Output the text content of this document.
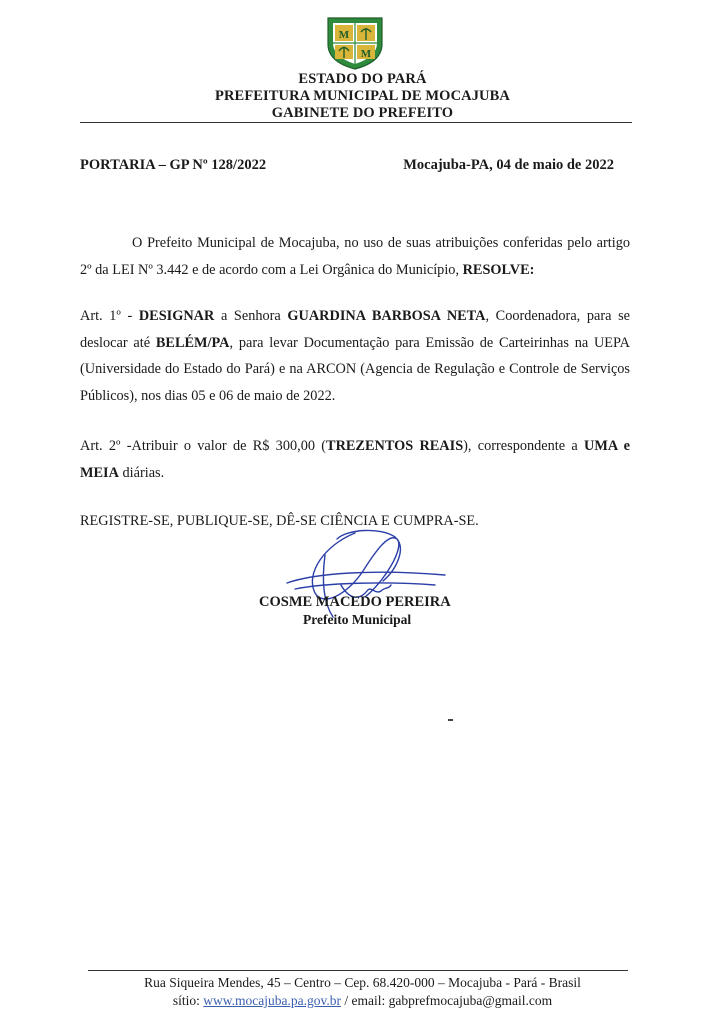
M
M
ESTADO DO PARÁ
PREFEITURA MUNICIPAL DE MOCAJUBA
GABINETE DO PREFEITO
PORTARIA – GP Nº 128/2022	Mocajuba-PA, 04 de maio de 2022
O Prefeito Municipal de Mocajuba, no uso de suas atribuições conferidas pelo artigo 2º da LEI Nº 3.442 e de acordo com a Lei Orgânica do Município, RESOLVE:
Art. 1º - DESIGNAR a Senhora GUARDINA BARBOSA NETA, Coordenadora, para se deslocar até BELÉM/PA, para levar Documentação para Emissão de Carteirinhas na UEPA (Universidade do Estado do Pará) e na ARCON (Agencia de Regulação e Controle de Serviços Públicos), nos dias 05 e 06 de maio de 2022.
Art. 2º -Atribuir o valor de R$ 300,00 (TREZENTOS REAIS), correspondente a UMA e MEIA diárias.
REGISTRE-SE, PUBLIQUE-SE, DÊ-SE CIÊNCIA E CUMPRA-SE.
COSME MACEDO PEREIRA
Prefeito Municipal
Rua Siqueira Mendes, 45 – Centro – Cep. 68.420-000 – Mocajuba - Pará - Brasil
sítio: www.mocajuba.pa.gov.br / email: gabprefmocajuba@gmail.com
